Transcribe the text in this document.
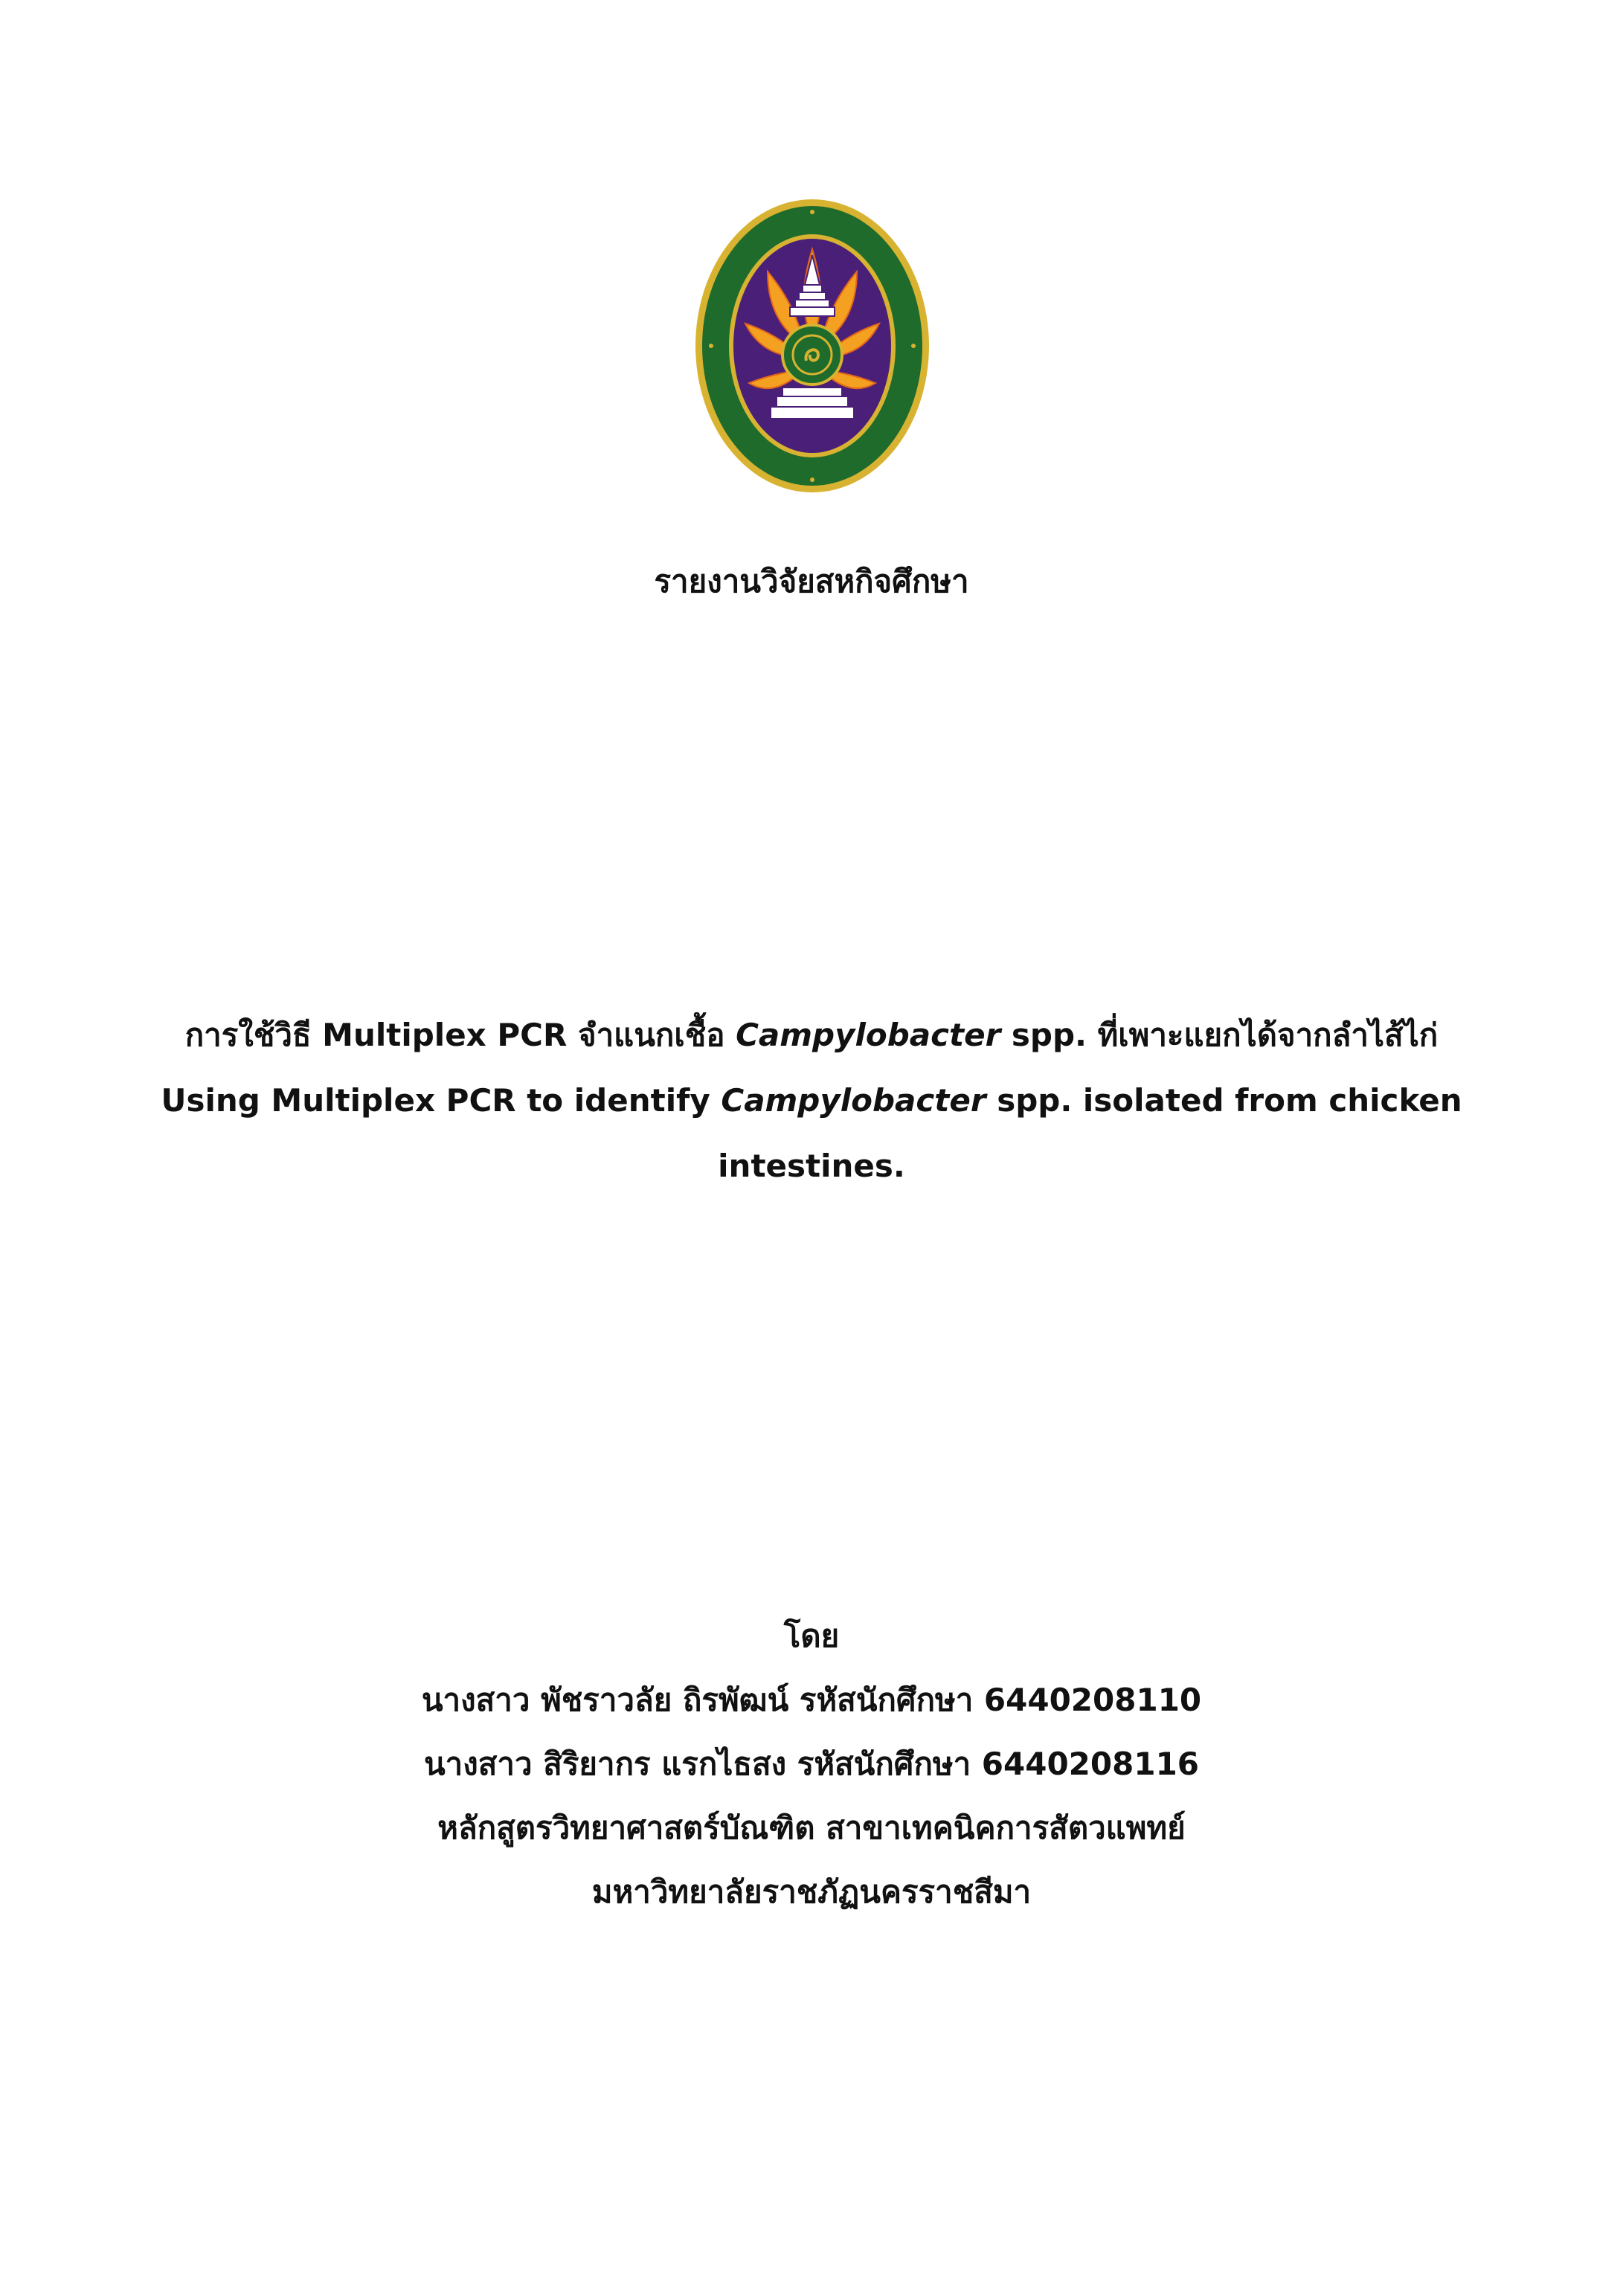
รายงานวิจัยสหกิจศึกษา
การใช้วิธี Multiplex PCR จำแนกเชื้อ Campylobacter spp. ที่เพาะแยกได้จากลำไส้ไก่
Using Multiplex PCR to identify Campylobacter spp. isolated from chicken
intestines.
โดย
นางสาว พัชราวลัย ถิรพัฒน์ รหัสนักศึกษา 6440208110
นางสาว สิริยากร แรกไธสง รหัสนักศึกษา 6440208116
หลักสูตรวิทยาศาสตร์บัณฑิต สาขาเทคนิคการสัตวแพทย์
มหาวิทยาลัยราชภัฏนครราชสีมา
